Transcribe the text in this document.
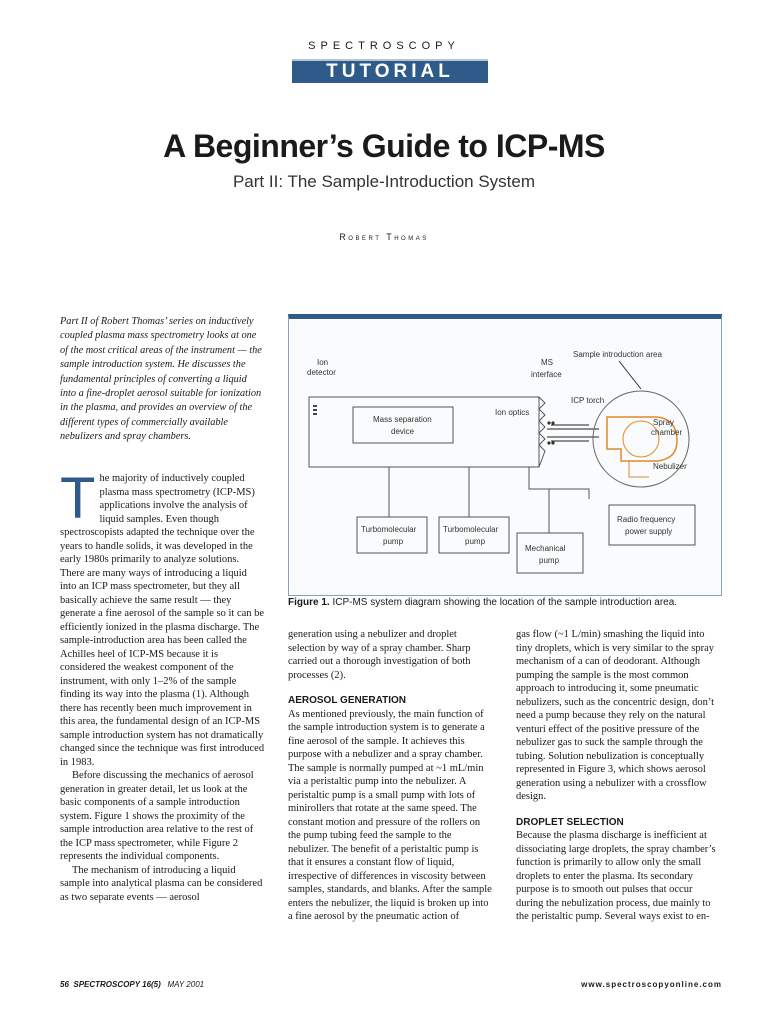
SPECTROSCOPY
TUTORIAL
A Beginner’s Guide to ICP-MS
Part II: The Sample-Introduction System
Robert Thomas
Part II of Robert Thomas’ series on inductively coupled plasma mass spectrometry looks at one of the most critical areas of the instrument — the sample introduction system. He discusses the fundamental principles of converting a liquid into a fine-droplet aerosol suitable for ionization in the plasma, and provides an overview of the different types of commercially available nebulizers and spray chambers.

The majority of inductively coupled plasma mass spectrometry (ICP-MS) applications involve the analysis of liquid samples. Even though spectroscopists adapted the technique over the years to handle solids, it was developed in the early 1980s primarily to analyze solutions. There are many ways of introducing a liquid into an ICP mass spectrometer, but they all basically achieve the same result — they generate a fine aerosol of the sample so it can be efficiently ionized in the plasma discharge. The sample-introduction area has been called the Achilles heel of ICP-MS because it is considered the weakest component of the instrument, with only 1–2% of the sample finding its way into the plasma (1). Although there has recently been much improvement in this area, the fundamental design of an ICP-MS sample introduction system has not dramatically changed since the technique was first introduced in 1983.

Before discussing the mechanics of aerosol generation in greater detail, let us look at the basic components of a sample introduction system. Figure 1 shows the proximity of the sample introduction area relative to the rest of the ICP mass spectrometer, while Figure 2 represents the individual components.

The mechanism of introducing a liquid sample into analytical plasma can be considered as two separate events — aerosol

generation using a nebulizer and droplet selection by way of a spray chamber. Sharp carried out a thorough investigation of both processes (2).

AEROSOL GENERATION

As mentioned previously, the main function of the sample introduction system is to generate a fine aerosol of the sample. It achieves this purpose with a nebulizer and a spray chamber. The sample is normally pumped at ~1 mL/min via a peristaltic pump into the nebulizer. A peristaltic pump is a small pump with lots of minirollers that rotate at the same speed. The constant motion and pressure of the rollers on the pump tubing feed the sample to the nebulizer. The benefit of a peristaltic pump is that it ensures a constant flow of liquid, irrespective of differences in viscosity between samples, standards, and blanks. After the sample enters the nebulizer, the liquid is broken up into a fine aerosol by the pneumatic action of

gas flow (~1 L/min) smashing the liquid into tiny droplets, which is very similar to the spray mechanism of a can of deodorant. Although pumping the sample is the most common approach to introducing it, some pneumatic nebulizers, such as the concentric design, don’t need a pump because they rely on the natural venturi effect of the positive pressure of the nebulizer gas to suck the sample through the tubing. Solution nebulization is conceptually represented in Figure 3, which shows aerosol generation using a nebulizer with a crossflow design.

DROPLET SELECTION

Because the plasma discharge is inefficient at dissociating large droplets, the spray chamber’s function is primarily to allow only the small droplets to enter the plasma. Its secondary purpose is to smooth out pulses that occur during the nebulization process, due mainly to the peristaltic pump. Several ways exist to en-

Ion
detector
MS
interface
Sample introduction area
ICP torch
Spray
chamber
Nebulizer
Mass separation
device
Ion optics
Turbomolecular
pump
Turbomolecular
pump
Mechanical
pump
Radio frequency
power supply
Figure 1. ICP-MS system diagram showing the location of the sample introduction area.
56 SPECTROSCOPY 16(5) MAY 2001	www.spectroscopyonline.com
